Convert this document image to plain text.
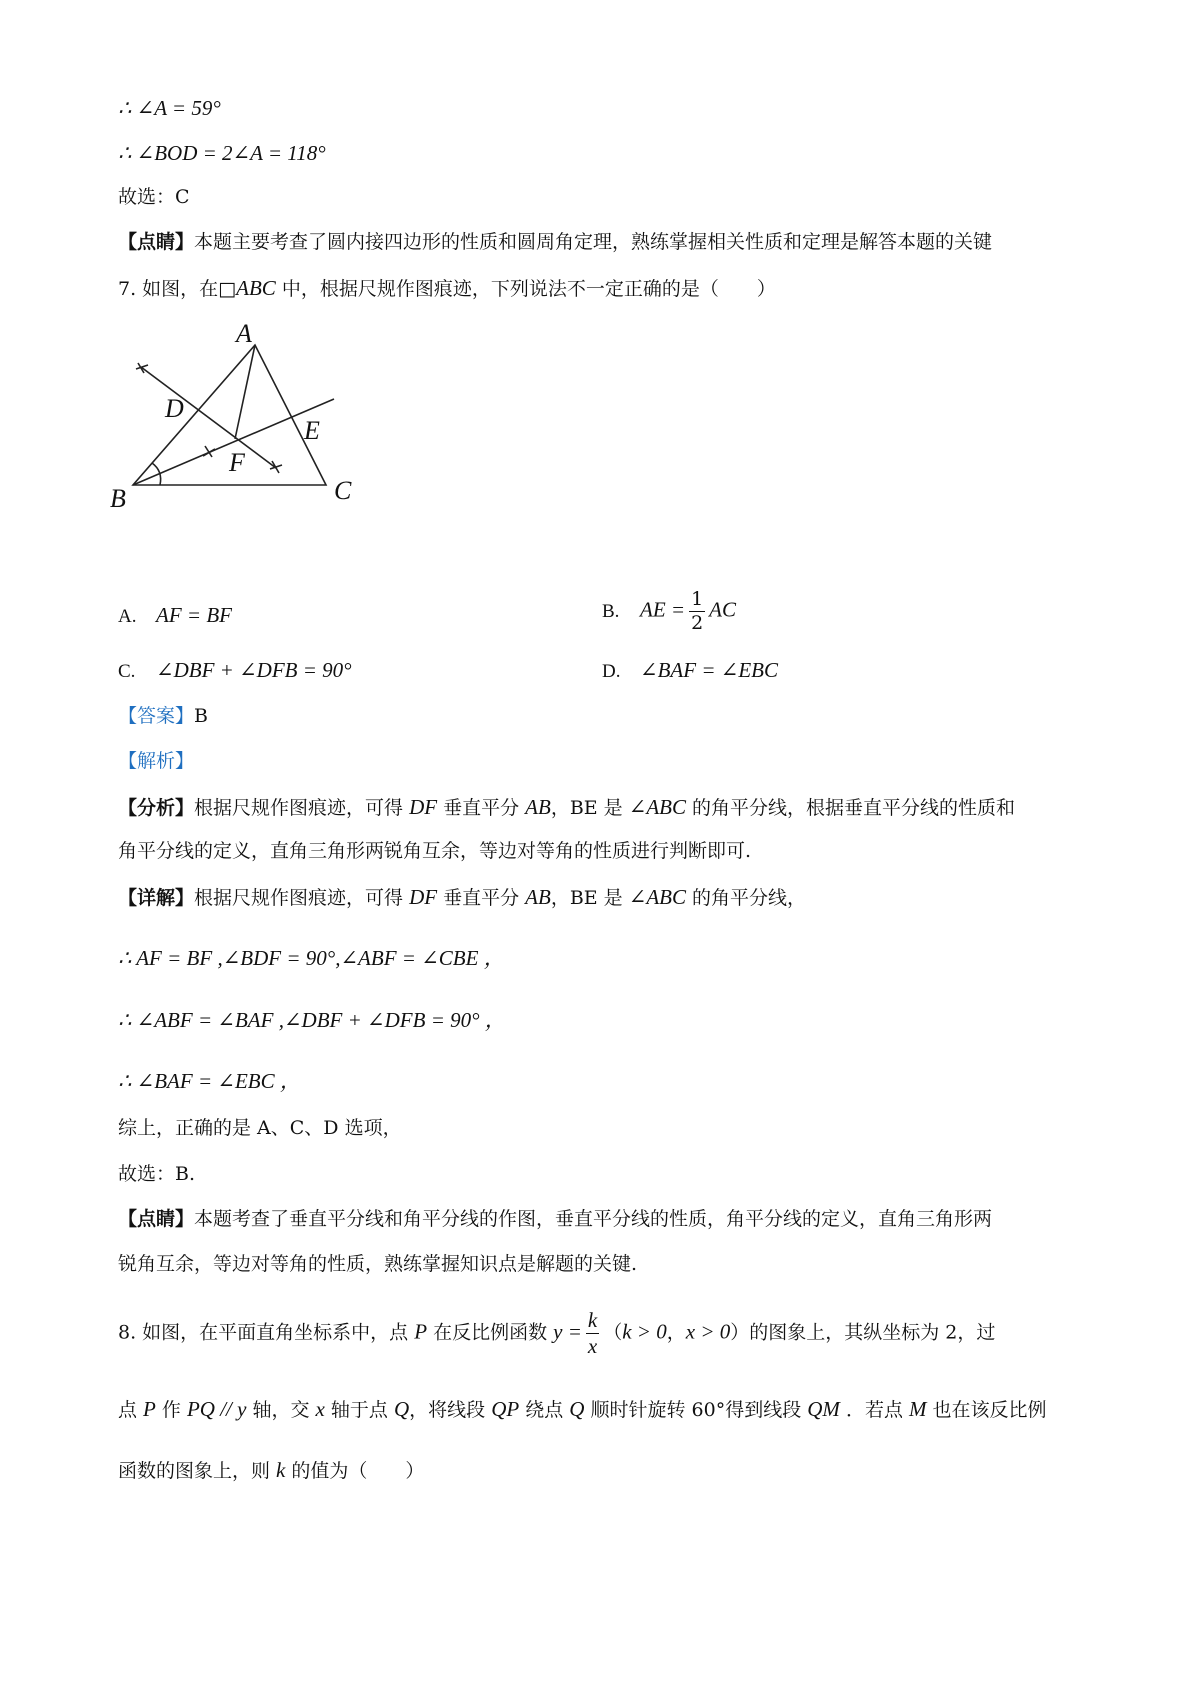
∴ ∠A = 59°
∴ ∠BOD = 2∠A = 118°
故选：C
【点睛】本题主要考查了圆内接四边形的性质和圆周角定理，熟练掌握相关性质和定理是解答本题的关键
7. 如图，在□ABC 中，根据尺规作图痕迹，下列说法不一定正确的是（　　）
A
B	C
D
E
F
A. AF = BF	B. AE = $\frac{1}{2}$ AC
C. ∠DBF + ∠DFB = 90°	D. ∠BAF = ∠EBC
【答案】B
【解析】
【分析】根据尺规作图痕迹，可得 DF 垂直平分 AB，BE 是 ∠ABC 的角平分线，根据垂直平分线的性质和
角平分线的定义，直角三角形两锐角互余，等边对等角的性质进行判断即可.
【详解】根据尺规作图痕迹，可得 DF 垂直平分 AB，BE 是 ∠ABC 的角平分线，
∴ AF = BF ,∠BDF = 90°,∠ABF = ∠CBE ，
∴ ∠ABF = ∠BAF ,∠DBF + ∠DFB = 90° ，
∴ ∠BAF = ∠EBC ，
综上，正确的是 A、C、D 选项，
故选：B.
【点睛】本题考查了垂直平分线和角平分线的作图，垂直平分线的性质，角平分线的定义，直角三角形两
锐角互余，等边对等角的性质，熟练掌握知识点是解题的关键.
8. 如图，在平面直角坐标系中，点 P 在反比例函数 $y = \frac{k}{x} (k > 0$，x > 0）的图象上，其纵坐标为 2，过
点 P 作 PQ // y 轴，交 x 轴于点 Q，将线段 QP 绕点 Q 顺时针旋转 60°得到线段 QM ．若点 M 也在该反比例
函数的图象上，则 k 的值为（　　）
